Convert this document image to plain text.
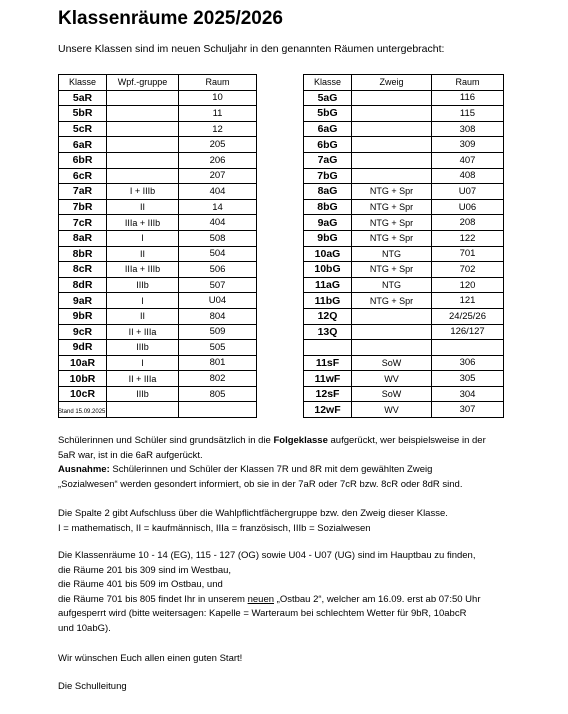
Klassenräume 2025/2026
Unsere Klassen sind im neuen Schuljahr in den genannten Räumen untergebracht:
Klasse	Wpf.-gruppe	Raum
5aR		10
5bR		11
5cR		12
6aR		205
6bR		206
6cR		207
7aR	I + IIIb	404
7bR	II	14
7cR	IIIa + IIIb	404
8aR	I	508
8bR	II	504
8cR	IIIa + IIIb	506
8dR	IIIb	507
9aR	I	U04
9bR	II	804
9cR	II + IIIa	509
9dR	IIIb	505
10aR	I	801
10bR	II + IIIa	802
10cR	IIIb	805

Klasse	Zweig	Raum
5aG		116
5bG		115
6aG		308
6bG		309
7aG		407
7bG		408
8aG	NTG + Spr	U07
8bG	NTG + Spr	U06
9aG	NTG + Spr	208
9bG	NTG + Spr	122
10aG	NTG	701
10bG	NTG + Spr	702
11aG	NTG	120
11bG	NTG + Spr	121
12Q		24/25/26
13Q		126/127

11sF	SoW	306
11wF	WV	305
12sF	SoW	304
12wF	WV	307
Stand 15.09.2025
Schülerinnen und Schüler sind grundsätzlich in die Folgeklasse aufgerückt, wer beispielsweise in der
5aR war, ist in die 6aR aufgerückt.
Ausnahme: Schülerinnen und Schüler der Klassen 7R und 8R mit dem gewählten Zweig
„Sozialwesen“ werden gesondert informiert, ob sie in der 7aR oder 7cR bzw. 8cR oder 8dR sind.
Die Spalte 2 gibt Aufschluss über die Wahlpflichtfächergruppe bzw. den Zweig dieser Klasse.
I = mathematisch, II = kaufmännisch, IIIa = französisch, IIIb = Sozialwesen
Die Klassenräume 10 - 14 (EG), 115 - 127 (OG) sowie U04 - U07 (UG) sind im Hauptbau zu finden,
die Räume 201 bis 309 sind im Westbau,
die Räume 401 bis 509 im Ostbau, und
die Räume 701 bis 805 findet Ihr in unserem neuen „Ostbau 2“, welcher am 16.09. erst ab 07:50 Uhr
aufgesperrt wird (bitte weitersagen: Kapelle = Warteraum bei schlechtem Wetter für 9bR, 10abcR
und 10abG).
Wir wünschen Euch allen einen guten Start!
Die Schulleitung
